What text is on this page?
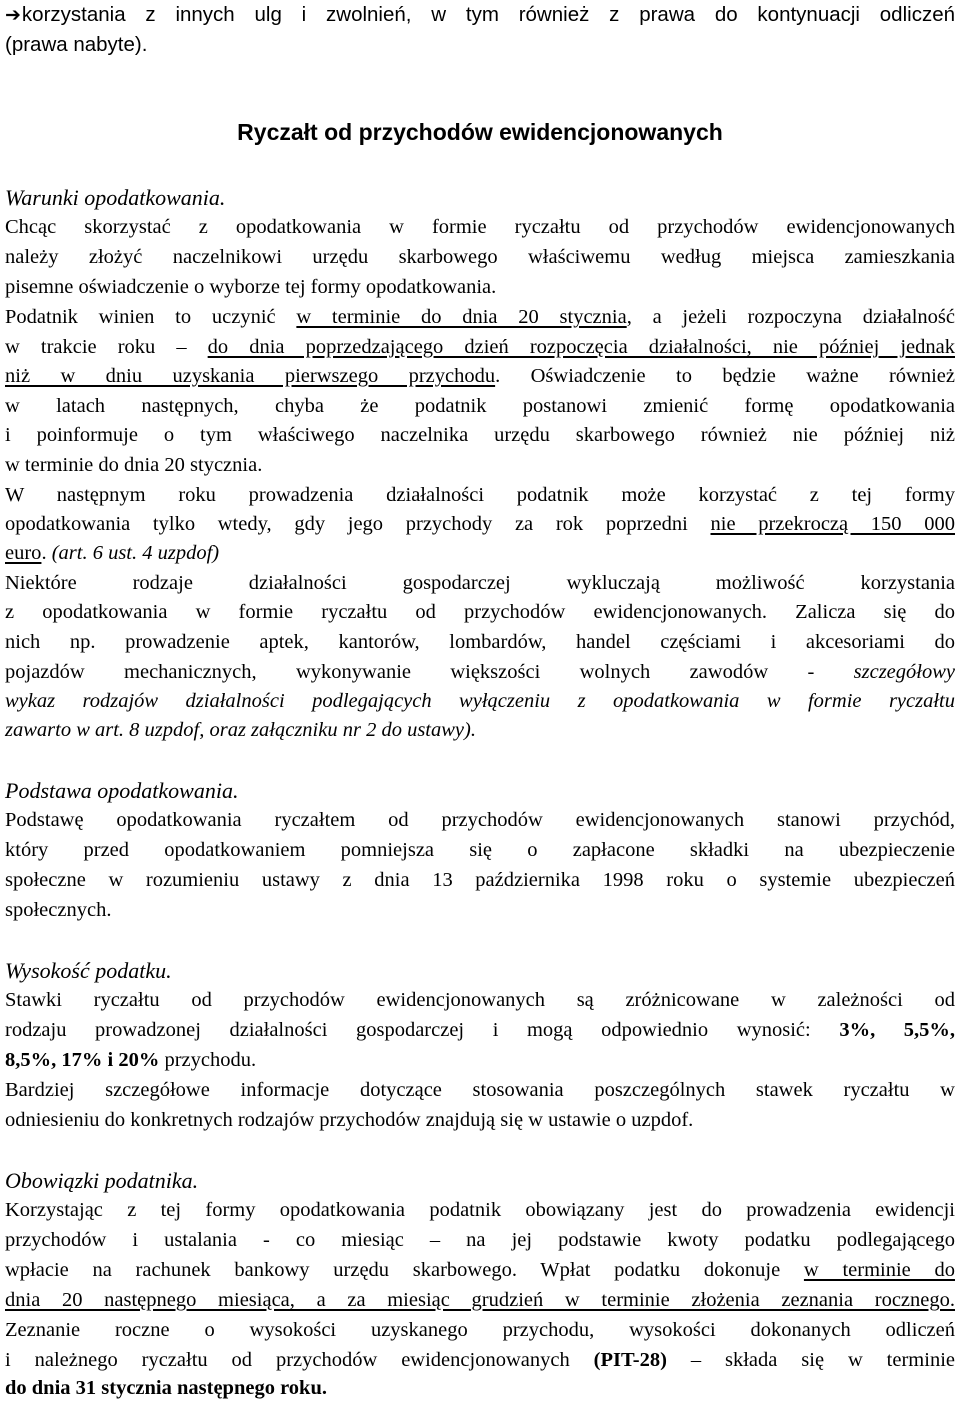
➔korzystania z innych ulg i zwolnień, w tym również z prawa do kontynuacji odliczeń
(prawa nabyte).
Ryczałt od przychodów ewidencjonowanych
Warunki opodatkowania.
Chcąc skorzystać z opodatkowania w formie ryczałtu od przychodów ewidencjonowanych
należy złożyć naczelnikowi urzędu skarbowego właściwemu według miejsca zamieszkania
pisemne oświadczenie o wyborze tej formy opodatkowania.
Podatnik winien to uczynić w terminie do dnia 20 stycznia, a jeżeli rozpoczyna działalność
w trakcie roku – do dnia poprzedzającego dzień rozpoczęcia działalności, nie później jednak
niż w dniu uzyskania pierwszego przychodu. Oświadczenie to będzie ważne również
w latach następnych, chyba że podatnik postanowi zmienić formę opodatkowania
i poinformuje o tym właściwego naczelnika urzędu skarbowego również nie później niż
w terminie do dnia 20 stycznia.
W następnym roku prowadzenia działalności podatnik może korzystać z tej formy
opodatkowania tylko wtedy, gdy jego przychody za rok poprzedni nie przekroczą 150 000
euro. (art. 6 ust. 4 uzpdof)
Niektóre rodzaje działalności gospodarczej wykluczają możliwość korzystania
z opodatkowania w formie ryczałtu od przychodów ewidencjonowanych. Zalicza się do
nich np. prowadzenie aptek, kantorów, lombardów, handel częściami i akcesoriami do
pojazdów mechanicznych, wykonywanie większości wolnych zawodów - szczegółowy
wykaz rodzajów działalności podlegających wyłączeniu z opodatkowania w formie ryczałtu
zawarto w art. 8 uzpdof, oraz załączniku nr 2 do ustawy).
Podstawa opodatkowania.
Podstawę opodatkowania ryczałtem od przychodów ewidencjonowanych stanowi przychód,
który przed opodatkowaniem pomniejsza się o zapłacone składki na ubezpieczenie
społeczne w rozumieniu ustawy z dnia 13 października 1998 roku o systemie ubezpieczeń
społecznych.
Wysokość podatku.
Stawki ryczałtu od przychodów ewidencjonowanych są zróżnicowane w zależności od
rodzaju prowadzonej działalności gospodarczej i mogą odpowiednio wynosić: 3%, 5,5%,
8,5%, 17% i 20% przychodu.
Bardziej szczegółowe informacje dotyczące stosowania poszczególnych stawek ryczałtu w
odniesieniu do konkretnych rodzajów przychodów znajdują się w ustawie o uzpdof.
Obowiązki podatnika.
Korzystając z tej formy opodatkowania podatnik obowiązany jest do prowadzenia ewidencji
przychodów i ustalania - co miesiąc – na jej podstawie kwoty podatku podlegającego
wpłacie na rachunek bankowy urzędu skarbowego. Wpłat podatku dokonuje w terminie do
dnia 20 następnego miesiąca, a za miesiąc grudzień w terminie złożenia zeznania rocznego.
Zeznanie roczne o wysokości uzyskanego przychodu, wysokości dokonanych odliczeń
i należnego ryczałtu od przychodów ewidencjonowanych (PIT-28) – składa się w terminie
do dnia 31 stycznia następnego roku.
